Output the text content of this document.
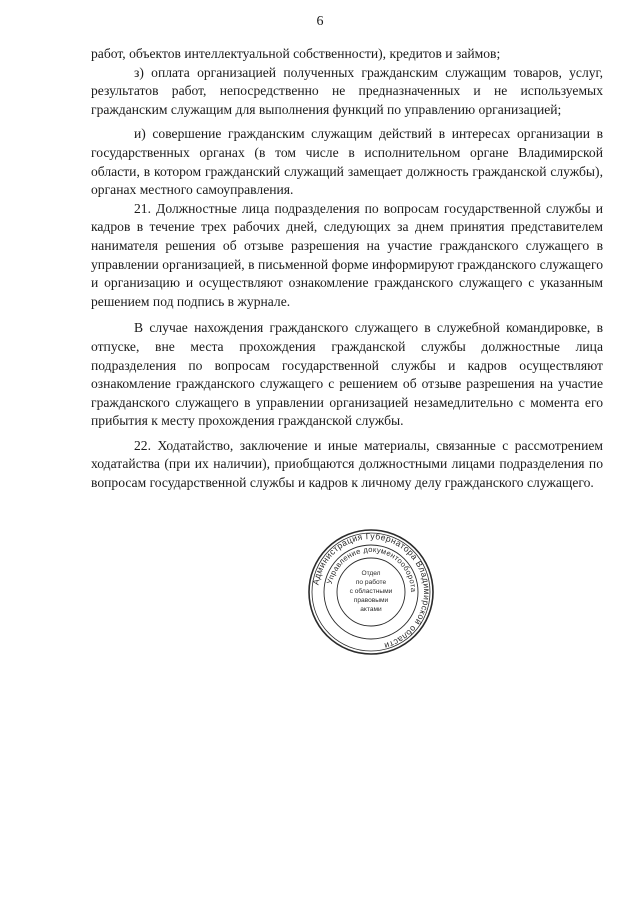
6

работ, объектов интеллектуальной собственности), кредитов и займов;

з) оплата организацией полученных гражданским служащим товаров, услуг, результатов работ, непосредственно не предназначенных и не используемых гражданским служащим для выполнения функций по управлению организацией;

и) совершение гражданским служащим действий в интересах организации в государственных органах (в том числе в исполнительном органе Владимирской области, в котором гражданский служащий замещает должность гражданской службы), органах местного самоуправления.

21. Должностные лица подразделения по вопросам государственной службы и кадров в течение трех рабочих дней, следующих за днем принятия представителем нанимателя решения об отзыве разрешения на участие гражданского служащего в управлении организацией, в письменной форме информируют гражданского служащего и организацию и осуществляют ознакомление гражданского служащего с указанным решением под подпись в журнале.

В случае нахождения гражданского служащего в служебной командировке, в отпуске, вне места прохождения гражданской службы должностные лица подразделения по вопросам государственной службы и кадров осуществляют ознакомление гражданского служащего с решением об отзыве разрешения на участие гражданского служащего в управлении организацией незамедлительно с момента его прибытия к месту прохождения гражданской службы.

22. Ходатайство, заключение и иные материалы, связанные с рассмотрением ходатайства (при их наличии), приобщаются должностными лицами подразделения по вопросам государственной службы и кадров к личному делу гражданского служащего.

Администрация Губернатора Владимирской области
Управление документооборота
Отдел
по работе
с областными
правовыми
актами
